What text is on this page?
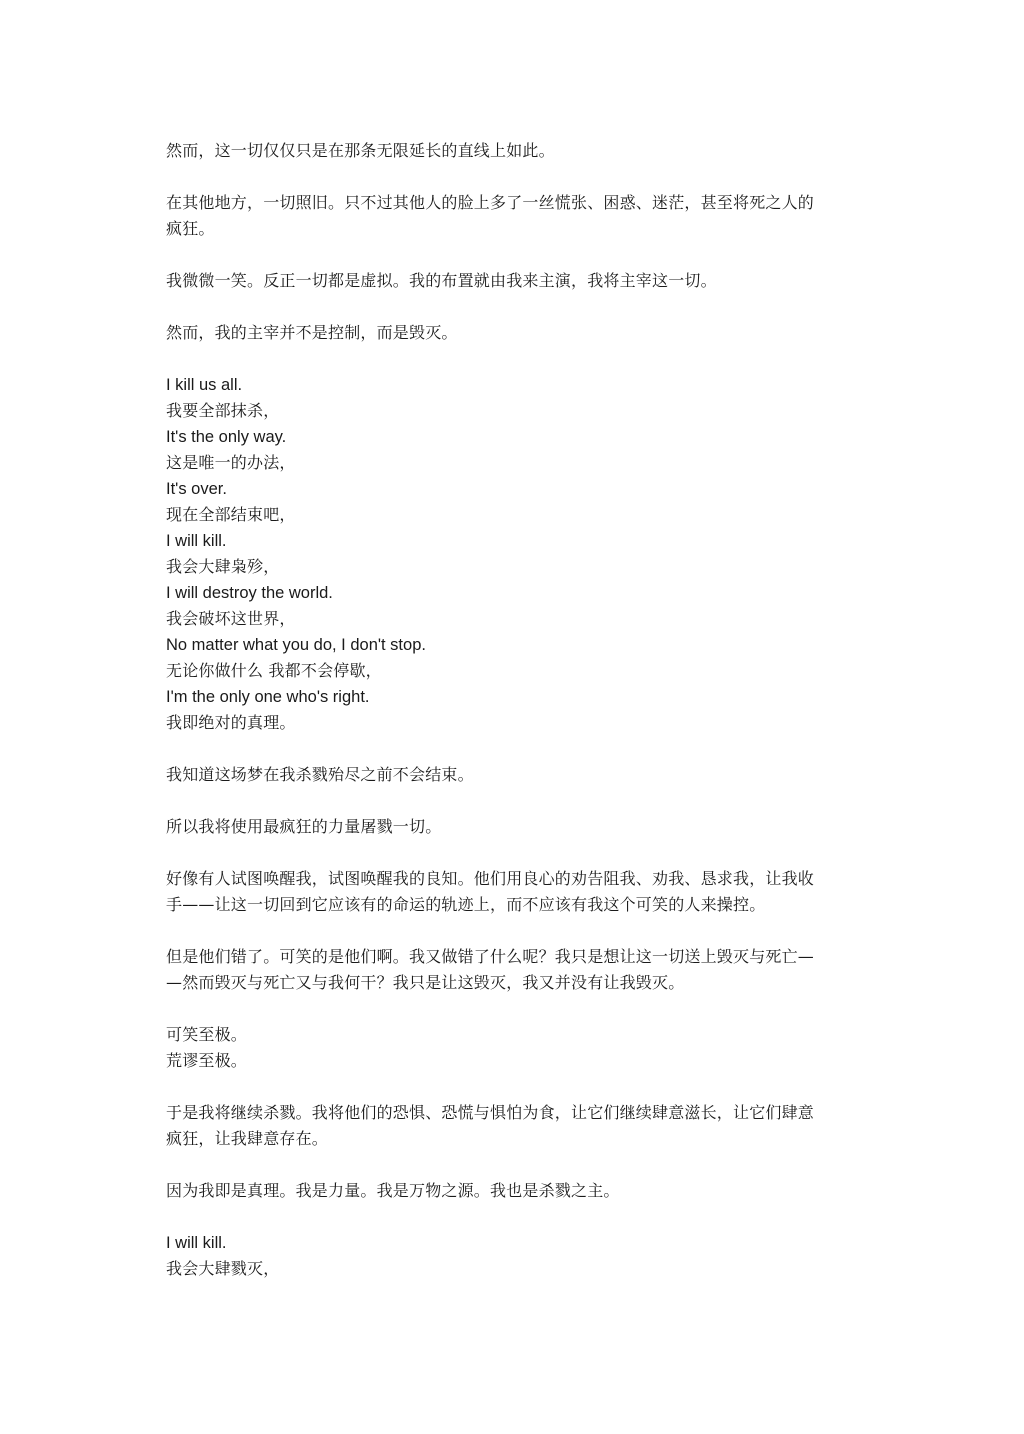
然而，这一切仅仅只是在那条无限延长的直线上如此。
在其他地方，一切照旧。只不过其他人的脸上多了一丝慌张、困惑、迷茫，甚至将死之人的
疯狂。
我微微一笑。反正一切都是虚拟。我的布置就由我来主演，我将主宰这一切。
然而，我的主宰并不是控制，而是毁灭。
I kill us all.
我要全部抹杀，
It's the only way.
这是唯一的办法，
It's over.
现在全部结束吧，
I will kill.
我会大肆枭殄，
I will destroy the world.
我会破坏这世界，
No matter what you do, I don't stop.
无论你做什么 我都不会停歇，
I'm the only one who's right.
我即绝对的真理。
我知道这场梦在我杀戮殆尽之前不会结束。
所以我将使用最疯狂的力量屠戮一切。
好像有人试图唤醒我，试图唤醒我的良知。他们用良心的劝告阻我、劝我、恳求我，让我收
手——让这一切回到它应该有的命运的轨迹上，而不应该有我这个可笑的人来操控。
但是他们错了。可笑的是他们啊。我又做错了什么呢？我只是想让这一切送上毁灭与死亡—
—然而毁灭与死亡又与我何干？我只是让这毁灭，我又并没有让我毁灭。
可笑至极。
荒谬至极。
于是我将继续杀戮。我将他们的恐惧、恐慌与惧怕为食，让它们继续肆意滋长，让它们肆意
疯狂，让我肆意存在。
因为我即是真理。我是力量。我是万物之源。我也是杀戮之主。
I will kill.
我会大肆戮灭，
